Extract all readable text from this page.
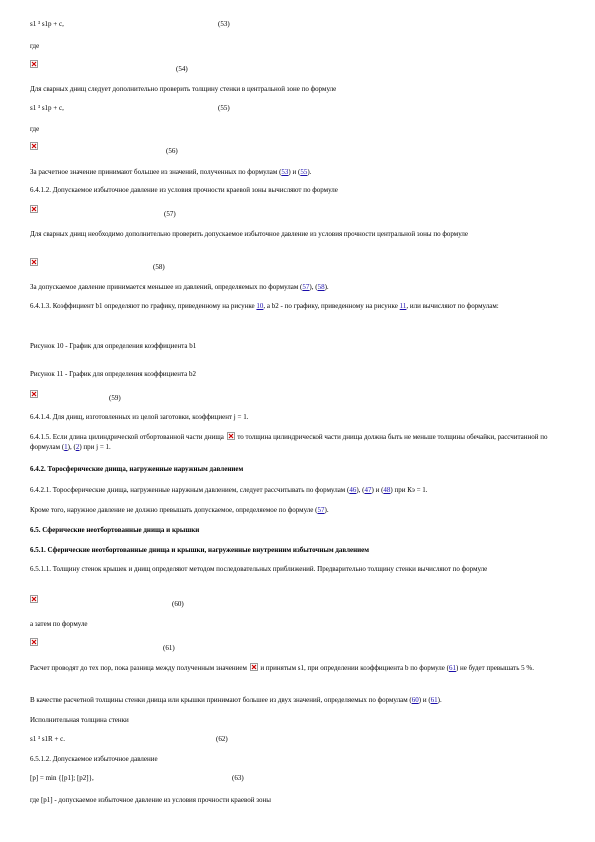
s1 ³ s1p + c,	(53)
где
(54)
Для сварных днищ следует дополнительно проверить толщину стенки в центральной зоне по формуле
s1 ³ s1p + c,	(55)
где
(56)
За расчетное значение принимают большее из значений, полученных по формулам (53) и (55).
6.4.1.2. Допускаемое избыточное давление из условия прочности краевой зоны вычисляют по формуле
(57)
Для сварных днищ необходимо дополнительно проверить допускаемое избыточное давление из условия прочности центральной зоны по формуле
(58)
За допускаемое давление принимается меньшее из давлений, определяемых по формулам (57), (58).
6.4.1.3. Коэффициент b1 определяют по графику, приведенному на рисунке 10, а b2 - по графику, приведенному на рисунке 11, или вычисляют по формулам:
Рисунок 10 - График для определения коэффициента b1
Рисунок 11 - График для определения коэффициента b2
(59)
6.4.1.4. Для днищ, изготовленных из целой заготовки, коэффициент j = 1.
6.4.1.5. Если длина цилиндрической отбортованной части днища
то толщина цилиндрической части днища должна быть не меньше толщины обечайки, рассчитанной по формулам (1), (2) при j = 1.
6.4.2. Торосферические днища, нагруженные наружным давлением
6.4.2.1. Торосферические днища, нагруженные наружным давлением, следует рассчитывать по формулам (46), (47) и (48) при Кэ = 1.
Кроме того, наружное давление не должно превышать допускаемое, определяемое по формуле (57).
6.5. Сферические неотбортованные днища и крышки
6.5.1. Сферические неотбортованные днища и крышки, нагруженные внутренним избыточным давлением
6.5.1.1. Толщину стенок крышек и днищ определяют методом последовательных приближений. Предварительно толщину стенки вычисляют по формуле
(60)
а затем по формуле
(61)
Расчет проводят до тех пор, пока разница между полученным значением
и принятым s1, при определении коэффициента b по формуле (61) не будет превышать 5 %.
В качестве расчетной толщины стенки днища или крышки принимают большее из двух значений, определяемых по формулам (60) и (61).
Исполнительная толщина стенки
s1 ³ s1R + c.	(62)
6.5.1.2. Допускаемое избыточное давление
[p] = min {[p1]; [p2]},	(63)
где [p1] - допускаемое избыточное давление из условия прочности краевой зоны
